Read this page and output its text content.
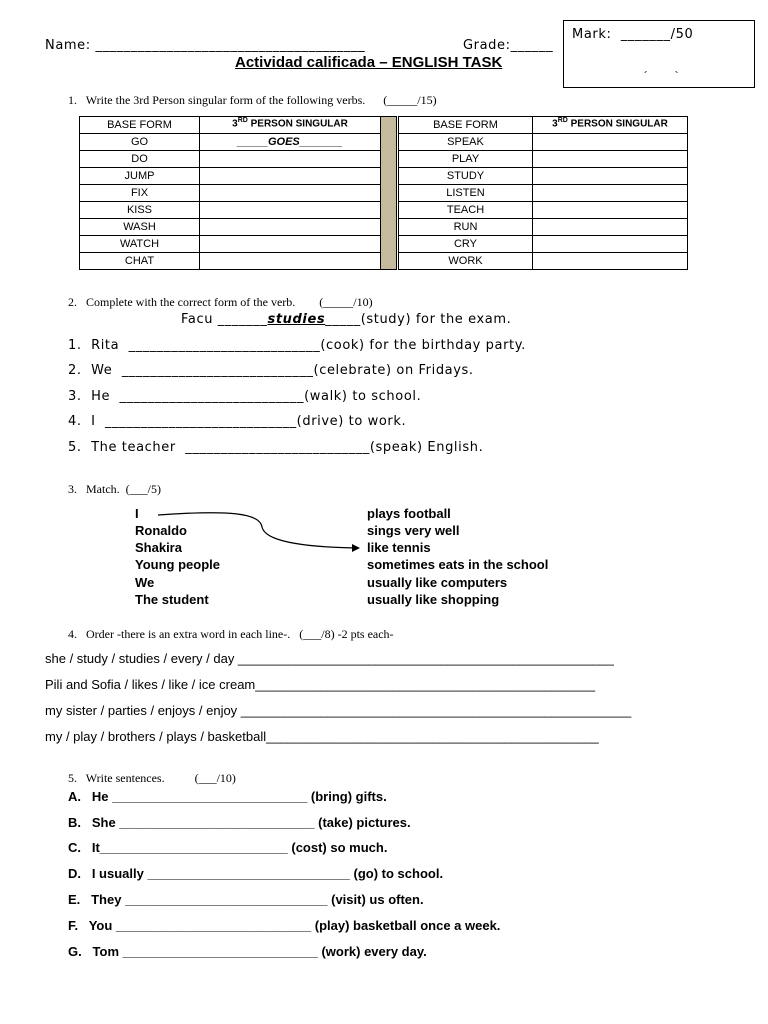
Name: ______________________________________	Grade:______
Mark:  _______/50
´        `
Actividad calificada – ENGLISH TASK
1.   Write the 3rd Person singular form of the following verbs.      (_____/15)
BASE FORM	3RD PERSON SINGULAR
GO	_____GOES_______
DO	
JUMP	
FIX	
KISS	
WASH	
WATCH	
CHAT	
BASE FORM	3RD PERSON SINGULAR
SPEAK	
PLAY	
STUDY	
LISTEN	
TEACH	
RUN	
CRY	
WORK	
2.   Complete with the correct form of the verb.        (_____/10)
Facu _______studies_____(study) for the exam.
1.  Rita  ___________________________(cook) for the birthday party.
2.  We  ___________________________(celebrate) on Fridays.
3.  He  __________________________(walk) to school.
4.  I  ___________________________(drive) to work.
5.  The teacher  __________________________(speak) English.
3.   Match.  (___/5)
I
Ronaldo
Shakira
Young people
We
The student
plays football
sings very well
like tennis
sometimes eats in the school
usually like computers
usually like shopping
4.   Order -there is an extra word in each line-.   (___/8) -2 pts each-
she / study / studies / every / day ____________________________________________________
Pili and Sofia / likes / like / ice cream_______________________________________________
my sister / parties / enjoys / enjoy ______________________________________________________
my / play / brothers / plays / basketball______________________________________________
5.   Write sentences.          (___/10)
A.   He ___________________________ (bring) gifts.
B.   She ___________________________ (take) pictures.
C.   It__________________________ (cost) so much.
D.   I usually ____________________________ (go) to school.
E.   They ____________________________ (visit) us often.
F.   You ___________________________ (play) basketball once a week.
G.   Tom ___________________________ (work) every day.
